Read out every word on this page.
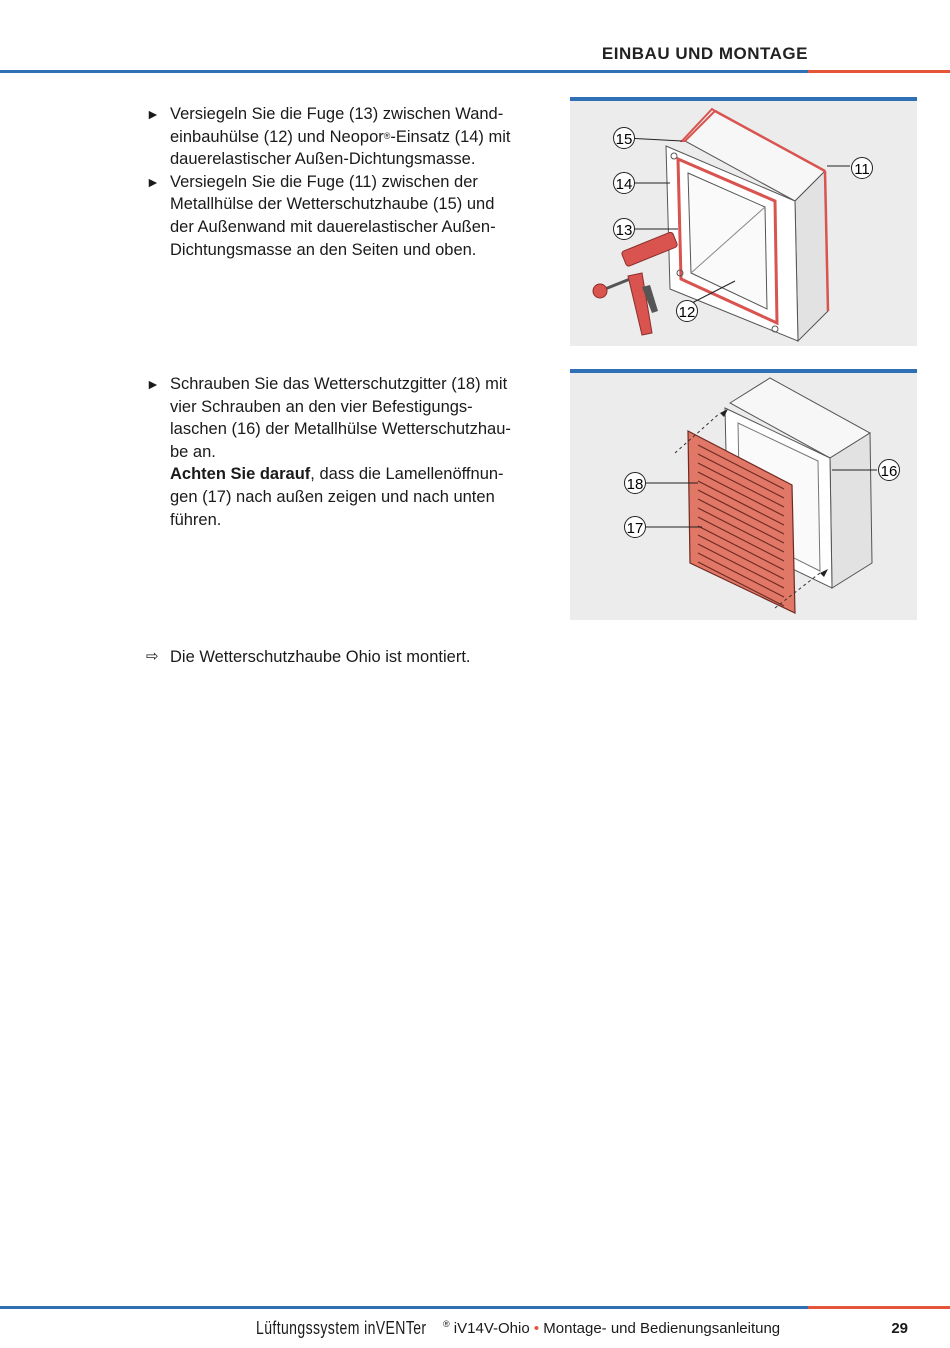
EINBAU UND MONTAGE
► Versiegeln Sie die Fuge (13) zwischen Wand-
einbauhülse (12) und Neopor®-Einsatz (14) mit
dauerelastischer Außen-Dichtungsmasse.
► Versiegeln Sie die Fuge (11) zwischen der
Metallhülse der Wetterschutzhaube (15) und
der Außenwand mit dauerelastischer Außen-
Dichtungsmasse an den Seiten und oben.
15
14
13
12
11
► Schrauben Sie das Wetterschutzgitter (18) mit
vier Schrauben an den vier Befestigungs-
laschen (16) der Metallhülse Wetterschutzhau-
be an.
Achten Sie darauf, dass die Lamellenöffnun-
gen (17) nach außen zeigen und nach unten
führen.
18
17
16
⇨ Die Wetterschutzhaube Ohio ist montiert.
Lüftungssystem inVENTer ® iV14V-Ohio • Montage- und Bedienungsanleitung	29
